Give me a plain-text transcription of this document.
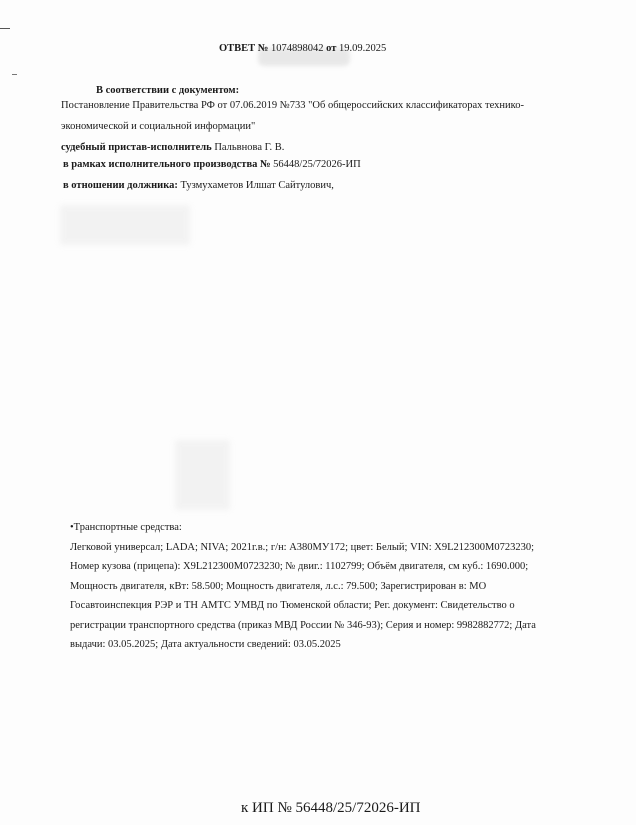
ОТВЕТ № 1074898042 от 19.09.2025
В соответствии с документом:
Постановление Правительства РФ от 07.06.2019 №733 "Об общероссийских классификаторах технико-
экономической и социальной информации"
судебный пристав-исполнитель Пальвнова Г. В.
в рамках исполнительного производства № 56448/25/72026-ИП
в отношении должника: Тузмухаметов Илшат Сайтулович,
•Транспортные средства:
Легковой универсал; LADA; NIVA; 2021г.в.; г/н: А380МУ172; цвет: Белый; VIN: X9L212300M0723230;
Номер кузова (прицепа): X9L212300M0723230; № двиг.: 1102799; Объём двигателя, см куб.: 1690.000;
Мощность двигателя, кВт: 58.500; Мощность двигателя, л.с.: 79.500; Зарегистрирован в: МО
Госавтоинспекция РЭР и ТН АМТС УМВД по Тюменской области; Рег. документ: Свидетельство о
регистрации транспортного средства (приказ МВД России № 346-93); Серия и номер: 9982882772; Дата
выдачи: 03.05.2025; Дата актуальности сведений: 03.05.2025
к ИП № 56448/25/72026-ИП
